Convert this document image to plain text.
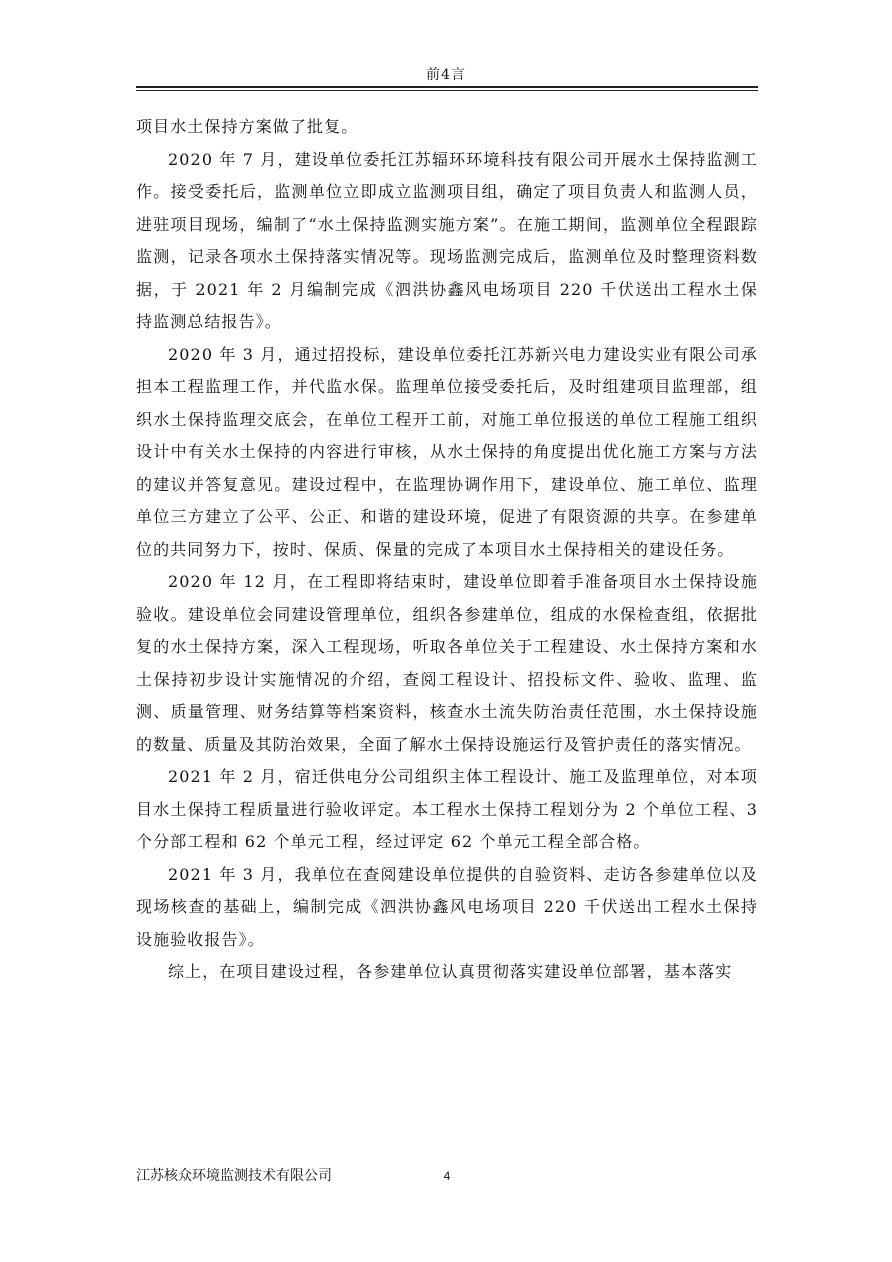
前4言

项目水土保持方案做了批复。

2020 年 7 月，建设单位委托江苏辐环环境科技有限公司开展水土保持监测工作。接受委托后，监测单位立即成立监测项目组，确定了项目负责人和监测人员，进驻项目现场，编制了“水土保持监测实施方案”。在施工期间，监测单位全程跟踪监测，记录各项水土保持落实情况等。现场监测完成后，监测单位及时整理资料数据，于 2021 年 2 月编制完成《泗洪协鑫风电场项目 220 千伏送出工程水土保持监测总结报告》。

2020 年 3 月，通过招投标，建设单位委托江苏新兴电力建设实业有限公司承担本工程监理工作，并代监水保。监理单位接受委托后，及时组建项目监理部，组织水土保持监理交底会，在单位工程开工前，对施工单位报送的单位工程施工组织设计中有关水土保持的内容进行审核，从水土保持的角度提出优化施工方案与方法的建议并答复意见。建设过程中，在监理协调作用下，建设单位、施工单位、监理单位三方建立了公平、公正、和谐的建设环境，促进了有限资源的共享。在参建单位的共同努力下，按时、保质、保量的完成了本项目水土保持相关的建设任务。

2020 年 12 月，在工程即将结束时，建设单位即着手准备项目水土保持设施验收。建设单位会同建设管理单位，组织各参建单位，组成的水保检查组，依据批复的水土保持方案，深入工程现场，听取各单位关于工程建设、水土保持方案和水土保持初步设计实施情况的介绍，查阅工程设计、招投标文件、验收、监理、监测、质量管理、财务结算等档案资料，核查水土流失防治责任范围，水土保持设施的数量、质量及其防治效果，全面了解水土保持设施运行及管护责任的落实情况。

2021 年 2 月，宿迁供电分公司组织主体工程设计、施工及监理单位，对本项目水土保持工程质量进行验收评定。本工程水土保持工程划分为 2 个单位工程、3 个分部工程和 62 个单元工程，经过评定 62 个单元工程全部合格。

2021 年 3 月，我单位在查阅建设单位提供的自验资料、走访各参建单位以及现场核查的基础上，编制完成《泗洪协鑫风电场项目 220 千伏送出工程水土保持设施验收报告》。

综上，在项目建设过程，各参建单位认真贯彻落实建设单位部署，基本落实

江苏核众环境监测技术有限公司	4
